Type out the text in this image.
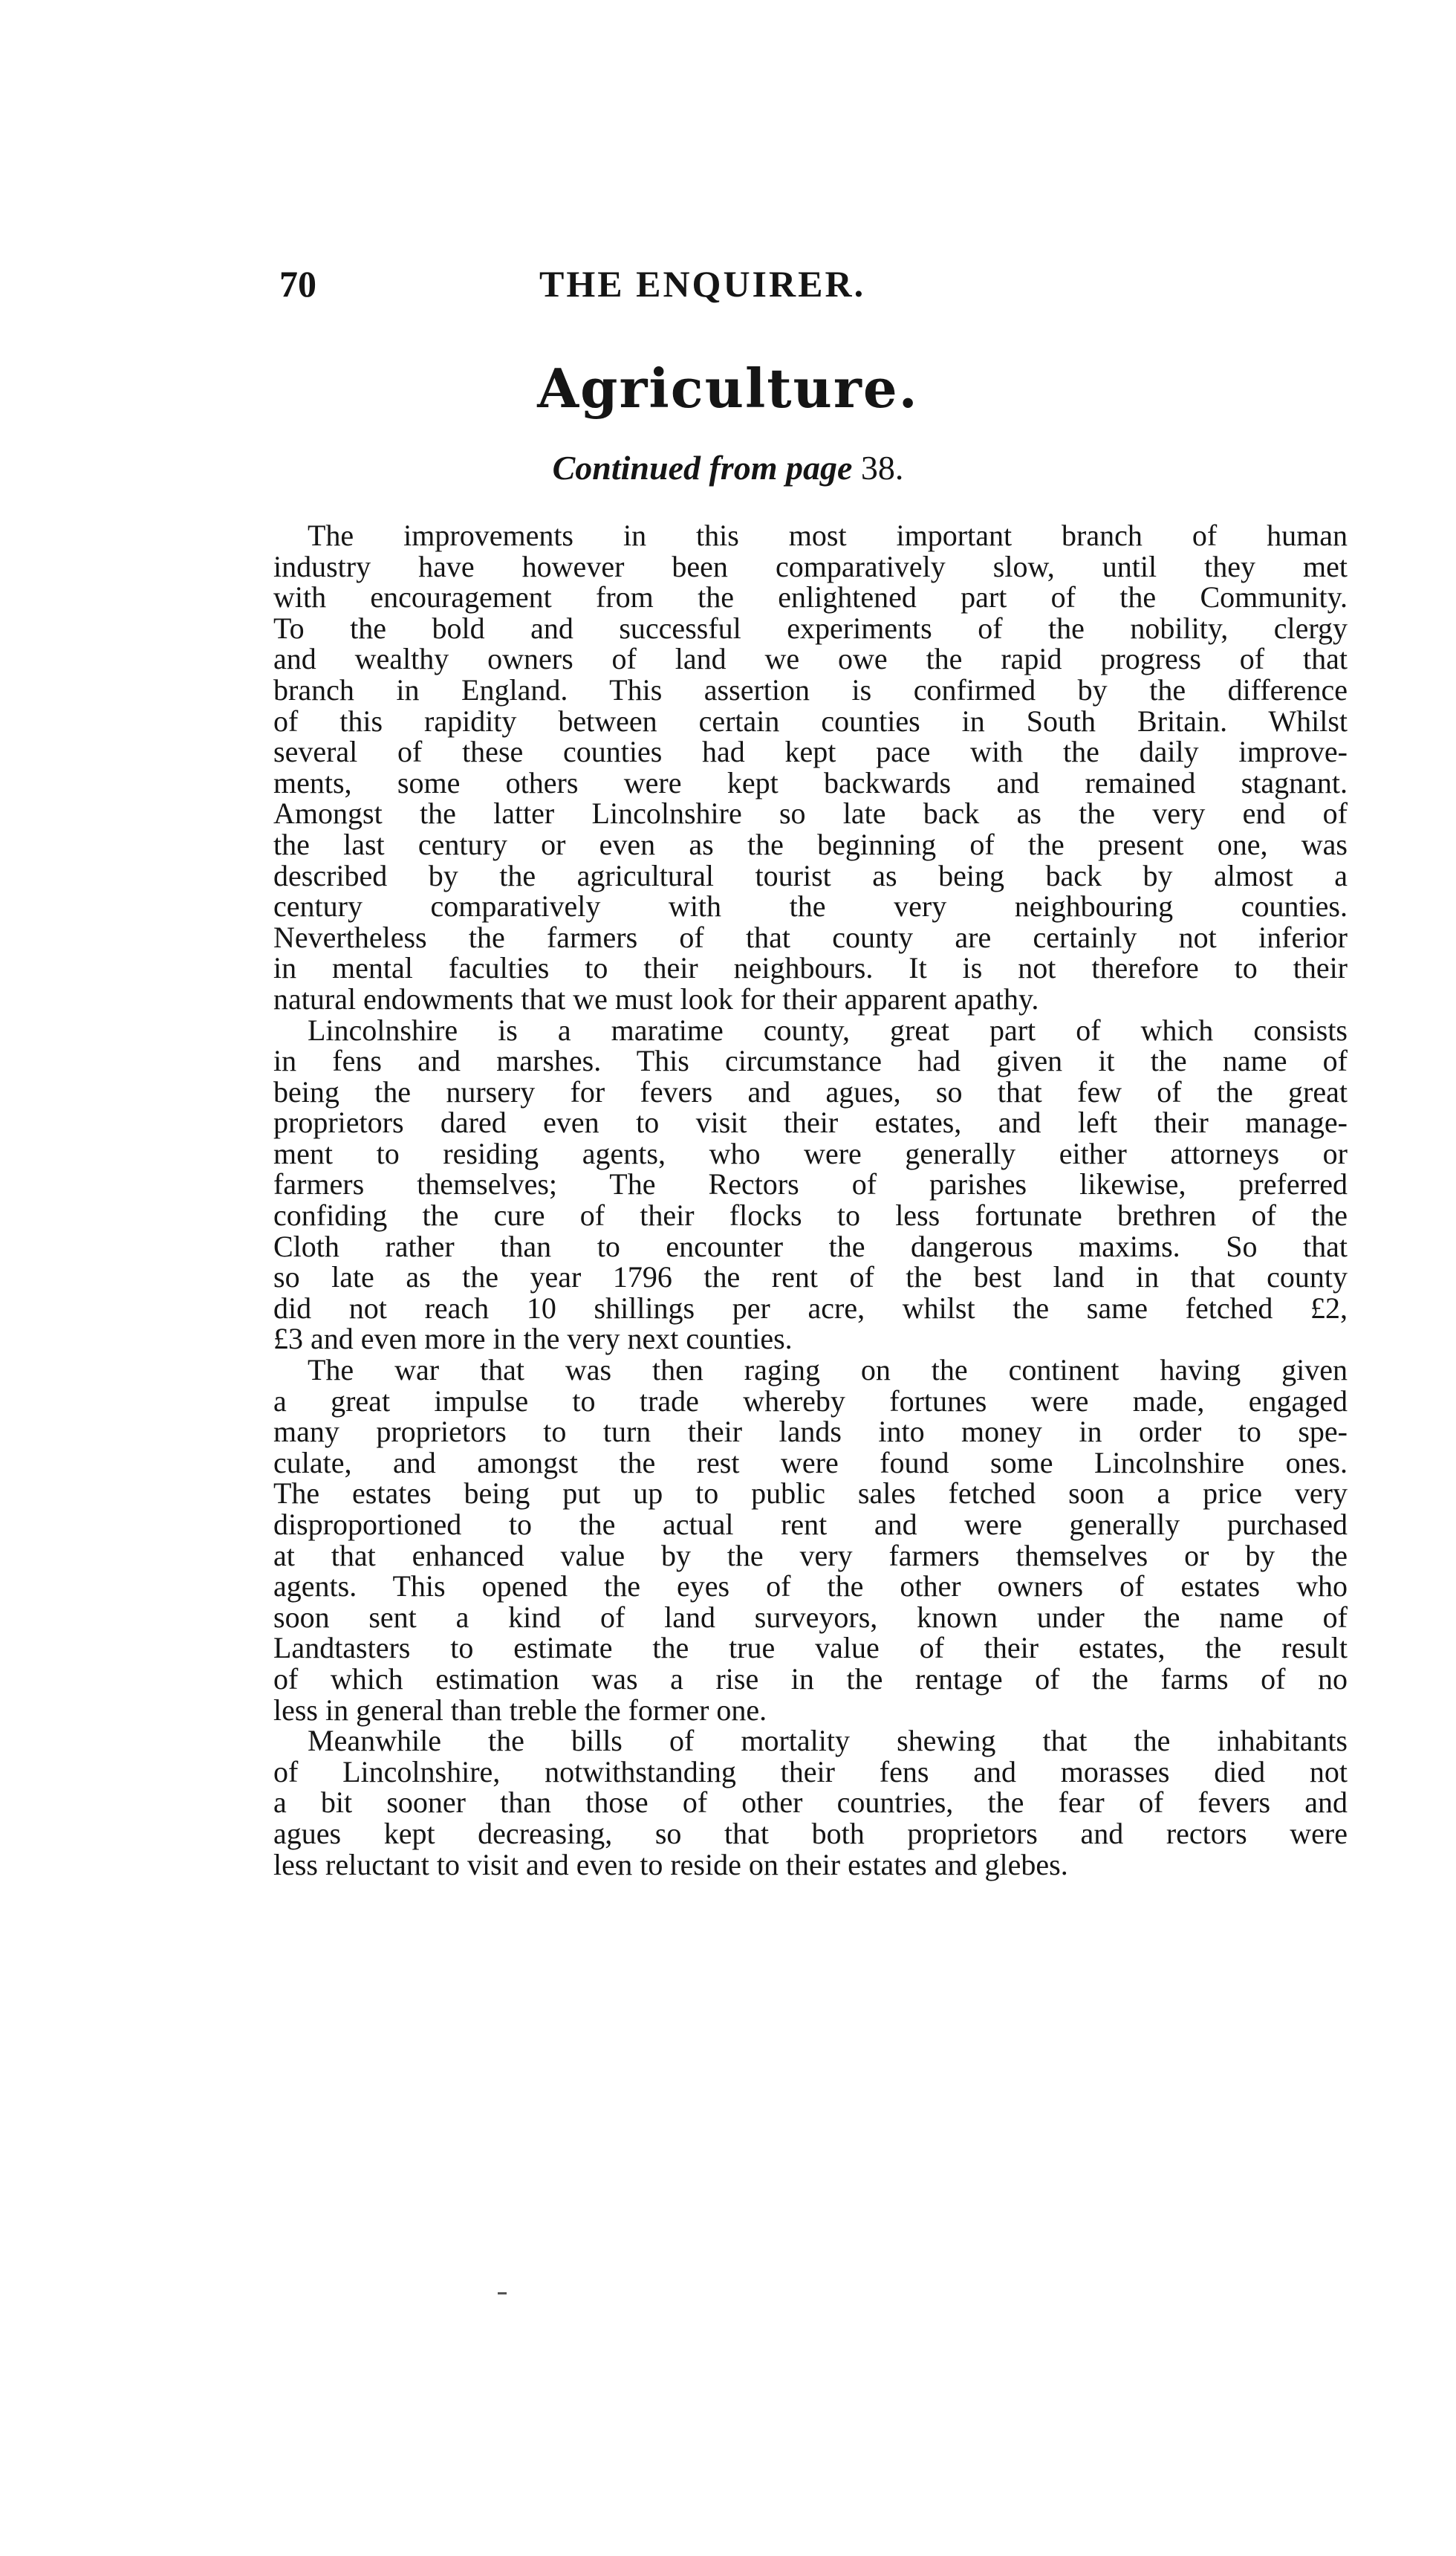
70	THE ENQUIRER.
Agriculture.
Continued from page 38.
The improvements in this most important branch of human
industry have however been comparatively slow, until they met
with encouragement from the enlightened part of the Community.
To the bold and successful experiments of the nobility, clergy
and wealthy owners of land we owe the rapid progress of that
branch in England. This assertion is confirmed by the difference
of this rapidity between certain counties in South Britain. Whilst
several of these counties had kept pace with the daily improve-
ments, some others were kept backwards and remained stagnant.
Amongst the latter Lincolnshire so late back as the very end of
the last century or even as the beginning of the present one, was
described by the agricultural tourist as being back by almost a
century comparatively with the very neighbouring counties.
Nevertheless the farmers of that county are certainly not inferior
in mental faculties to their neighbours. It is not therefore to their
natural endowments that we must look for their apparent apathy.
Lincolnshire is a maratime county, great part of which consists
in fens and marshes. This circumstance had given it the name of
being the nursery for fevers and agues, so that few of the great
proprietors dared even to visit their estates, and left their manage-
ment to residing agents, who were generally either attorneys or
farmers themselves; The Rectors of parishes likewise, preferred
confiding the cure of their flocks to less fortunate brethren of the
Cloth rather than to encounter the dangerous maxims. So that
so late as the year 1796 the rent of the best land in that county
did not reach 10 shillings per acre, whilst the same fetched £2,
£3 and even more in the very next counties.
The war that was then raging on the continent having given
a great impulse to trade whereby fortunes were made, engaged
many proprietors to turn their lands into money in order to spe-
culate, and amongst the rest were found some Lincolnshire ones.
The estates being put up to public sales fetched soon a price very
disproportioned to the actual rent and were generally purchased
at that enhanced value by the very farmers themselves or by the
agents. This opened the eyes of the other owners of estates who
soon sent a kind of land surveyors, known under the name of
Landtasters to estimate the true value of their estates, the result
of which estimation was a rise in the rentage of the farms of no
less in general than treble the former one.
Meanwhile the bills of mortality shewing that the inhabitants
of Lincolnshire, notwithstanding their fens and morasses died not
a bit sooner than those of other countries, the fear of fevers and
agues kept decreasing, so that both proprietors and rectors were
less reluctant to visit and even to reside on their estates and glebes.
